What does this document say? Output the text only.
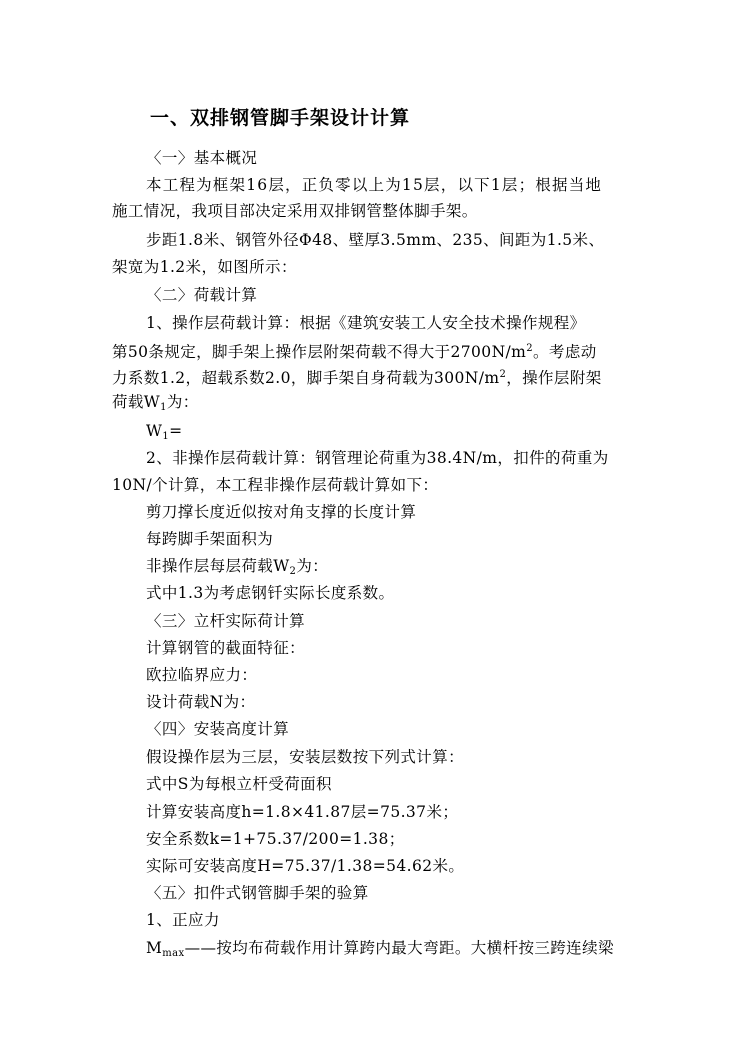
一、双排钢管脚手架设计计算
〈一〉基本概况
本工程为框架16层，正负零以上为15层，以下1层；根据当地
施工情况，我项目部决定采用双排钢管整体脚手架。
步距1.8米、钢管外径Φ48、壁厚3.5mm、235、间距为1.5米、
架宽为1.2米，如图所示：
〈二〉荷载计算
1、操作层荷载计算：根据《建筑安装工人安全技术操作规程》
第50条规定，脚手架上操作层附架荷载不得大于$2700N/m^2$。考虑动
力系数1.2，超载系数2.0，脚手架自身荷载为$300N/m^2$，操作层附架
荷载$W_1$为：
$W_1=$
2、非操作层荷载计算：钢管理论荷重为38.4N/m，扣件的荷重为
10N/个计算，本工程非操作层荷载计算如下：
剪刀撑长度近似按对角支撑的长度计算
每跨脚手架面积为
非操作层每层荷载$W_2$为：
式中1.3为考虑钢钎实际长度系数。
〈三〉立杆实际荷计算
计算钢管的截面特征：
欧拉临界应力：
设计荷载N为：
〈四〉安装高度计算
假设操作层为三层，安装层数按下列式计算：
式中S为每根立杆受荷面积
计算安装高度h=1.8×41.87层=75.37米；
安全系数k=1+75.37/200=1.38；
实际可安装高度H=75.37/1.38=54.62米。
〈五〉扣件式钢管脚手架的验算
1、正应力
$M_{max}——$按均布荷载作用计算跨内最大弯距。大横杆按三跨连续梁
